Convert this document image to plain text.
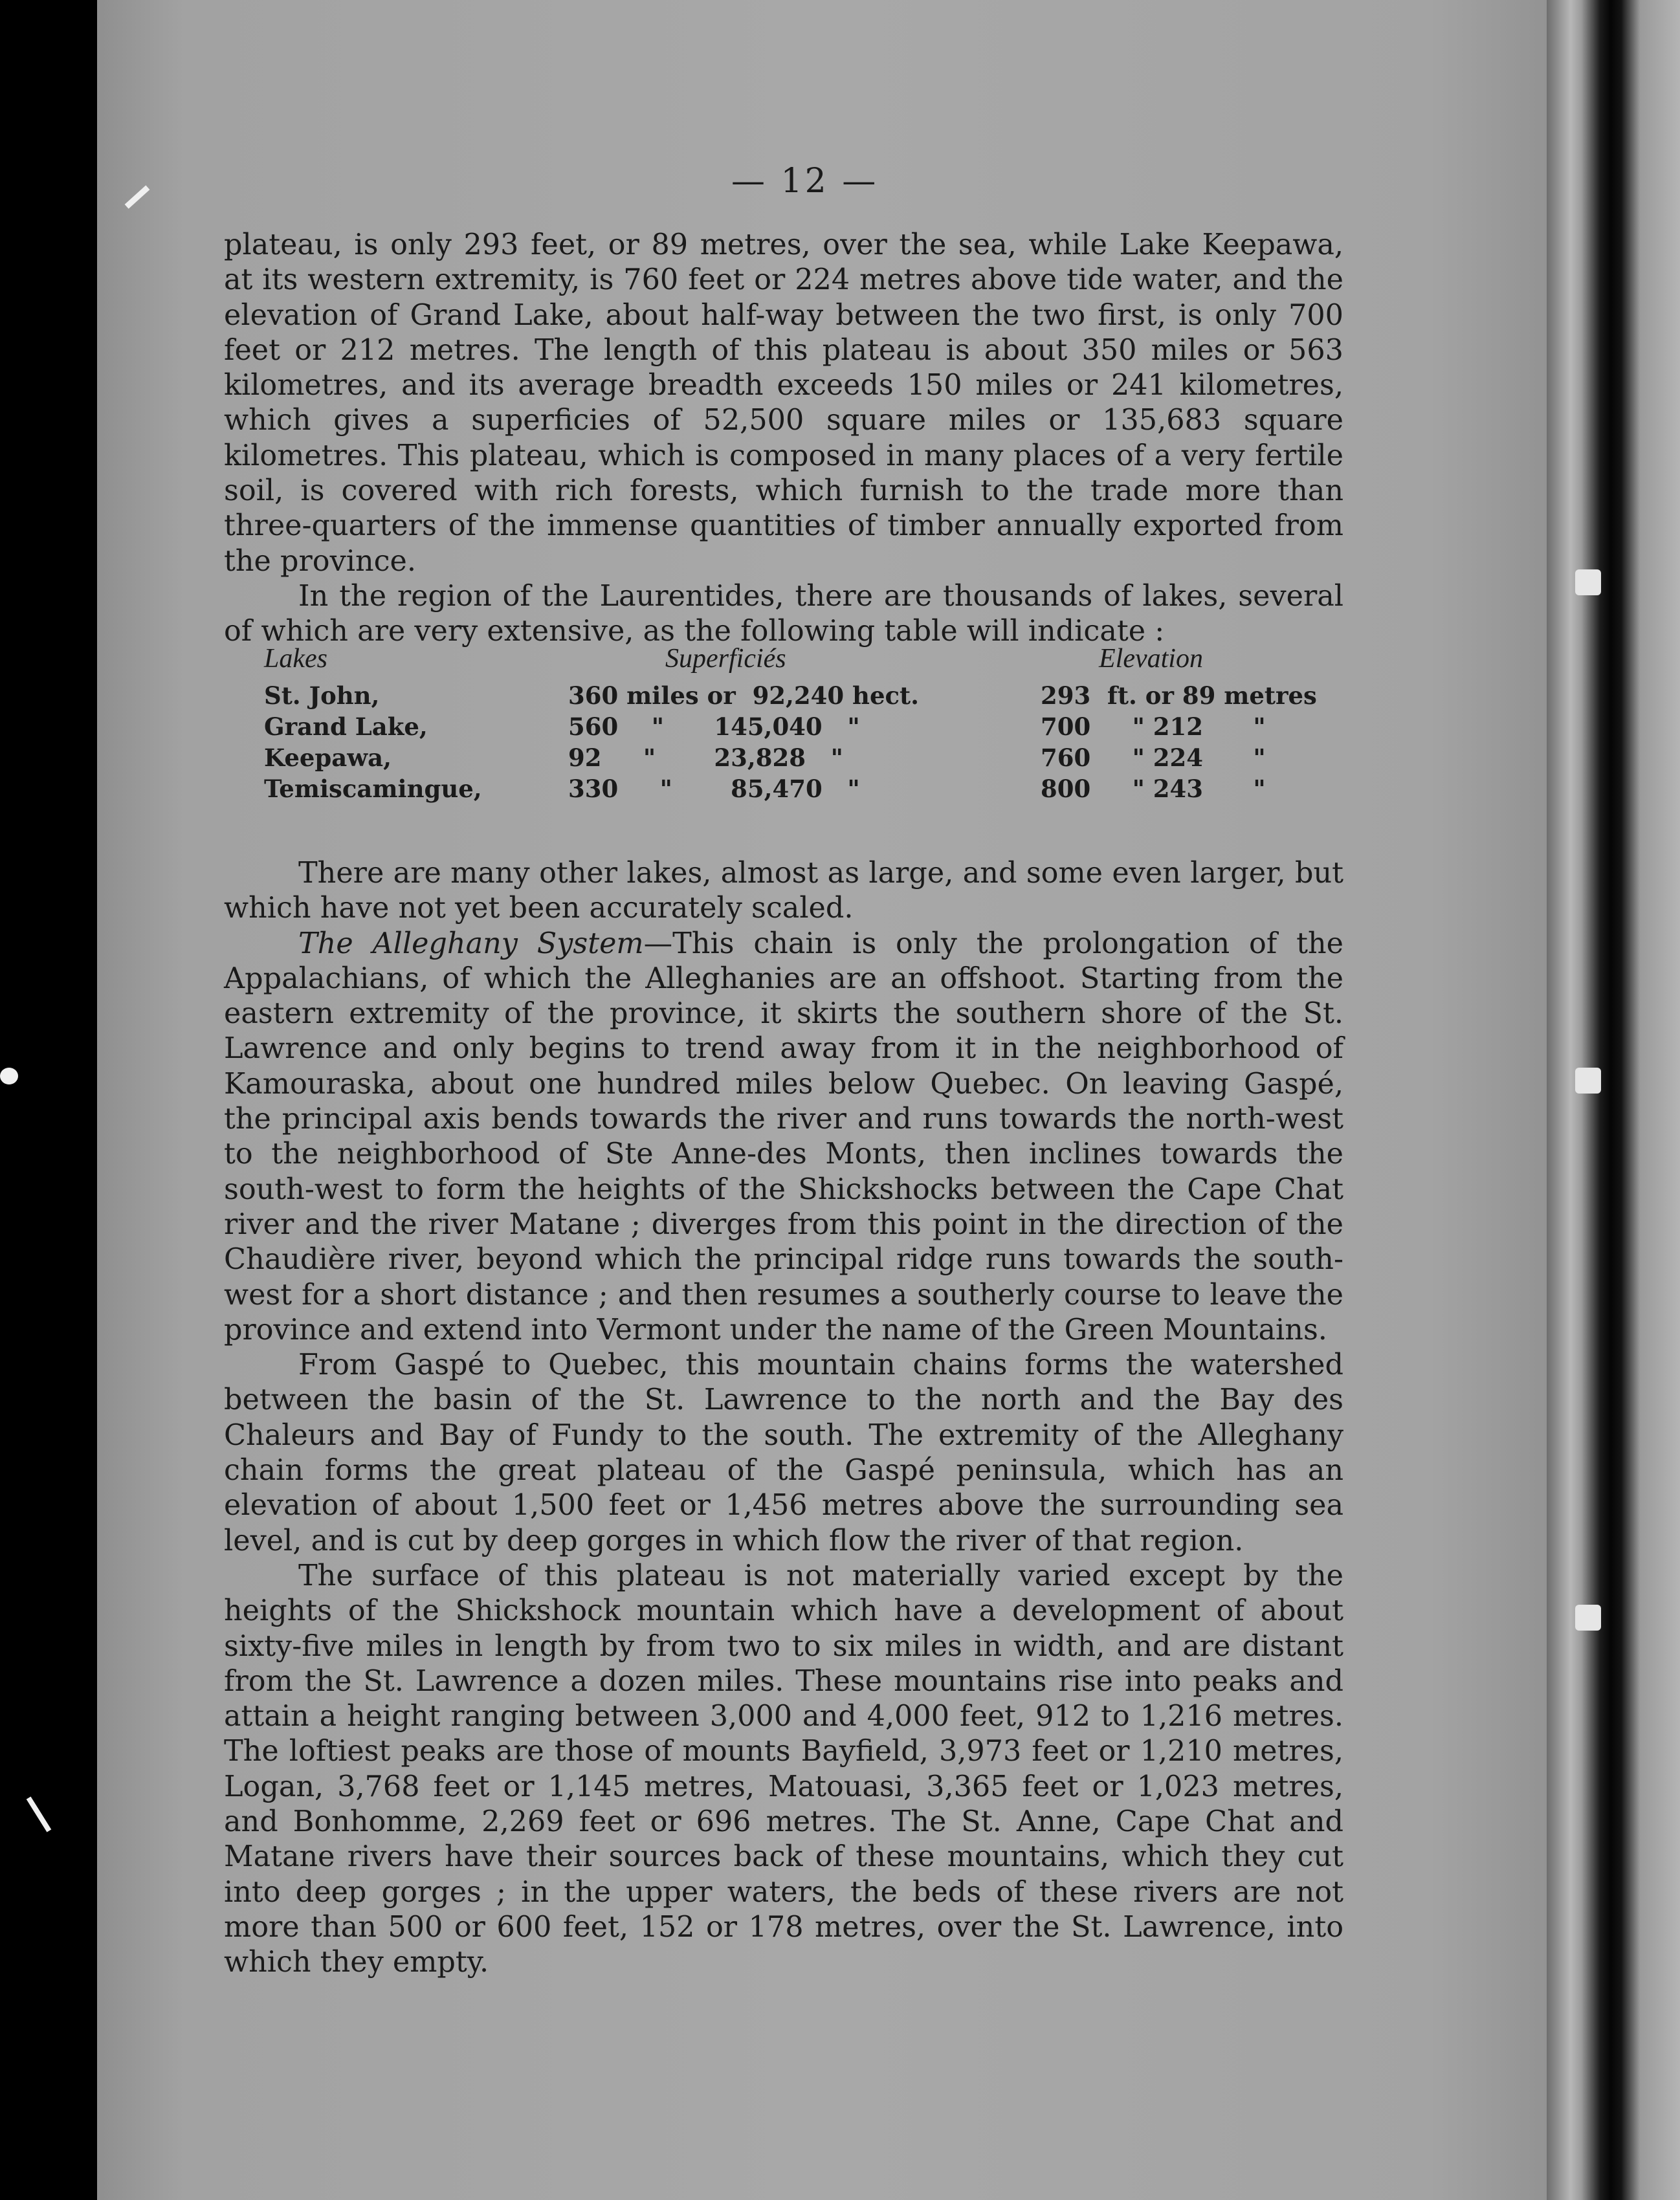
— 12 —

plateau, is only 293 feet, or 89 metres, over the sea, while Lake Keepawa, at its western extremity, is 760 feet or 224 metres above tide water, and the elevation of Grand Lake, about half-way between the two first, is only 700 feet or 212 metres. The length of this plateau is about 350 miles or 563 kilometres, and its average breadth exceeds 150 miles or 241 kilometres, which gives a superficies of 52,500 square miles or 135,683 square kilometres. This plateau, which is composed in many places of a very fertile soil, is covered with rich forests, which furnish to the trade more than three-quarters of the immense quantities of timber annually exported from the province.

In the region of the Laurentides, there are thousands of lakes, several of which are very extensive, as the following table will indicate :

Lakes	Superficiés	Elevation
St. John,	360 miles or  92,240 hect.	293  ft. or 89 metres
Grand Lake,	560    "      145,040   "	700     " 212      "
Keepawa,	92     "       23,828   "	760     " 224      "
Temiscamingue,	330     "       85,470   "	800     " 243      "

There are many other lakes, almost as large, and some even larger, but which have not yet been accurately scaled.

The Alleghany System—This chain is only the prolongation of the Appalachians, of which the Alleghanies are an offshoot. Starting from the eastern extremity of the province, it skirts the southern shore of the St. Lawrence and only begins to trend away from it in the neighborhood of Kamouraska, about one hundred miles below Quebec. On leaving Gaspé, the principal axis bends towards the river and runs towards the north-west to the neighborhood of Ste Anne-des Monts, then inclines towards the south-west to form the heights of the Shickshocks between the Cape Chat river and the river Matane ; diverges from this point in the direction of the Chaudière river, beyond which the principal ridge runs towards the south-west for a short distance ; and then resumes a southerly course to leave the province and extend into Vermont under the name of the Green Mountains.

From Gaspé to Quebec, this mountain chains forms the watershed between the basin of the St. Lawrence to the north and the Bay des Chaleurs and Bay of Fundy to the south. The extremity of the Alleghany chain forms the great plateau of the Gaspé peninsula, which has an elevation of about 1,500 feet or 1,456 metres above the surrounding sea level, and is cut by deep gorges in which flow the river of that region.

The surface of this plateau is not materially varied except by the heights of the Shickshock mountain which have a development of about sixty-five miles in length by from two to six miles in width, and are distant from the St. Lawrence a dozen miles. These mountains rise into peaks and attain a height ranging between 3,000 and 4,000 feet, 912 to 1,216 metres. The loftiest peaks are those of mounts Bayfield, 3,973 feet or 1,210 metres, Logan, 3,768 feet or 1,145 metres, Matouasi, 3,365 feet or 1,023 metres, and Bonhomme, 2,269 feet or 696 metres. The St. Anne, Cape Chat and Matane rivers have their sources back of these mountains, which they cut into deep gorges ; in the upper waters, the beds of these rivers are not more than 500 or 600 feet, 152 or 178 metres, over the St. Lawrence, into which they empty.
